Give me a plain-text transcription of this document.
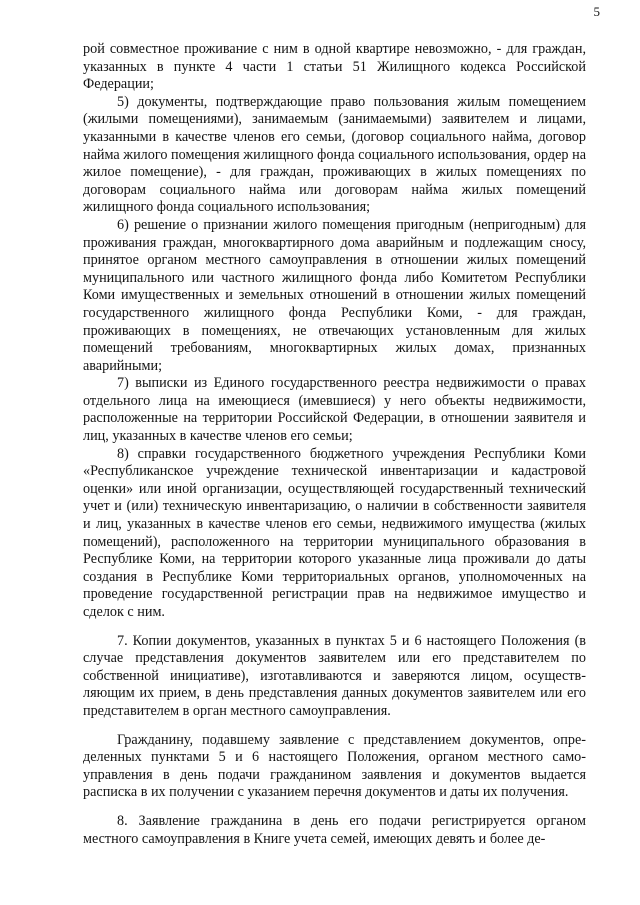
5

рой совместное проживание с ним в одной квартире невозможно, - для граждан, указанных в пункте 4 части 1 статьи 51 Жилищного кодекса Российской Федерации;

5) документы, подтверждающие право пользования жилым помещением (жилыми помещениями), занимаемым (занимаемыми) заявителем и лицами, указанными в качестве членов его семьи, (договор социального найма, договор найма жилого помещения жилищного фонда социального использования, ордер на жилое помещение), - для граждан, проживающих в жилых помещениях по договорам социального найма или договорам найма жилых помещений жилищного фонда социального использования;

6) решение о признании жилого помещения пригодным (непригодным) для проживания граждан, многоквартирного дома аварийным и подлежащим сносу, принятое органом местного самоуправления в отношении жилых помещений муниципального или частного жилищного фонда либо Комитетом Республики Коми имущественных и земельных отношений в отношении жилых помещений государственного жилищного фонда Республики Коми, - для граждан, проживающих в помещениях, не отвечающих установленным для жилых помещений требованиям, многоквартирных жилых домах, признанных аварийными;

7) выписки из Единого государственного реестра недвижимости о правах отдельного лица на имеющиеся (имевшиеся) у него объекты недвижимости, расположенные на территории Российской Федерации, в отношении заявителя и лиц, указанных в качестве членов его семьи;

8) справки государственного бюджетного учреждения Республики Коми «Республиканское учреждение технической инвентаризации и кадастровой оценки» или иной организации, осуществляющей государственный технический учет и (или) техническую инвентаризацию, о наличии в собственности заявителя и лиц, указанных в качестве членов его семьи, недвижимого имущества (жилых помещений), расположенного на территории муниципального образования в Республике Коми, на территории которого указанные лица проживали до даты создания в Республике Коми территориальных органов, уполномоченных на проведение государственной регистрации прав на недвижимое имущество и сделок с ним.

7. Копии документов, указанных в пунктах 5 и 6 настоящего Положения (в случае представления документов заявителем или его представителем по собственной инициативе), изготавливаются и заверяются лицом, осуществляющим их прием, в день представления данных документов заявителем или его представителем в орган местного самоуправления.

Гражданину, подавшему заявление с представлением документов, определенных пунктами 5 и 6 настоящего Положения, органом местного самоуправления в день подачи гражданином заявления и документов выдается расписка в их получении с указанием перечня документов и даты их получения.

8. Заявление гражданина в день его подачи регистрируется органом местного самоуправления в Книге учета семей, имеющих девять и более де-
